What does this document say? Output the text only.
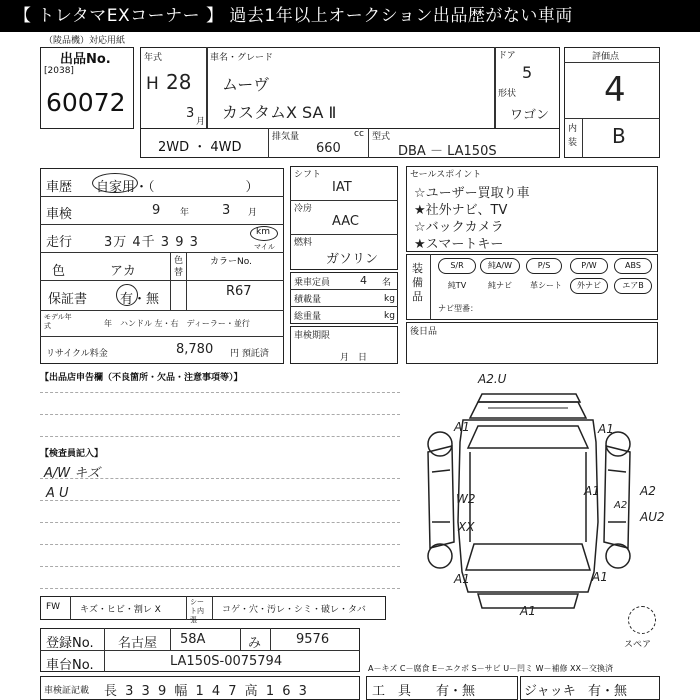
【 トレタマEXコーナー 】 過去1年以上オークション出品歴がない車両
（陵品機）対応用紙
出品No.
[2038]
60072
年式
H 28
3
月
車名・グレード
ムーヴ
カスタムX SA Ⅱ
ドア
5
形状
ワゴン
評価点
4
内装 B
2WD ・ 4WD
排気量	cc
660
型式
DBA － LA150S
車歴 自家用・（　　　　　　　）
車検	9 年	3 月
走行 3万 4千 3 9 3
km
マイル
色	アカ
色替
カラーNo.
保証書	有・無
R67
モデル年式	年　ハンドル 左・右　ディーラー・並行
リサイクル料金	8,780 円 預託済
シフト
IAT
冷房
AAC
燃料
ガソリン
乗車定員	4 名
積載量	kg
総重量	kg
車検期限
月　日
セールスポイント
☆ユーザー買取り車
★社外ナビ、TV
☆バックカメラ
★スマートキー
装備品
S/R	純A/W	P/S	P/W	ABS
純TV	純ナビ	革シート	外ナビ	エアB
ナビ型番：
後日品
【出品店申告欄（不良箇所・欠品・注意事項等）】
【検査員記入】
A/W キズ
A U
A2.U
A1	A1
A2
W2
A1
A2
XX
AU2
A1	A1
A1
スペア
FW キズ・ヒビ・割レ X
シート内張
コゲ・穴・汚レ・シミ・破レ・タバ
登録No. 名古屋 58A	み	9576
車台No.	LA150S-0075794	A－キズ C－腐食 E－エクボ S－サビ U－凹ミ W－補修 XX－交換済
車検証記載 長 3 3 9 幅 1 4 7 高 1 6 3	工　具 有・無	ジャッキ 有・無
